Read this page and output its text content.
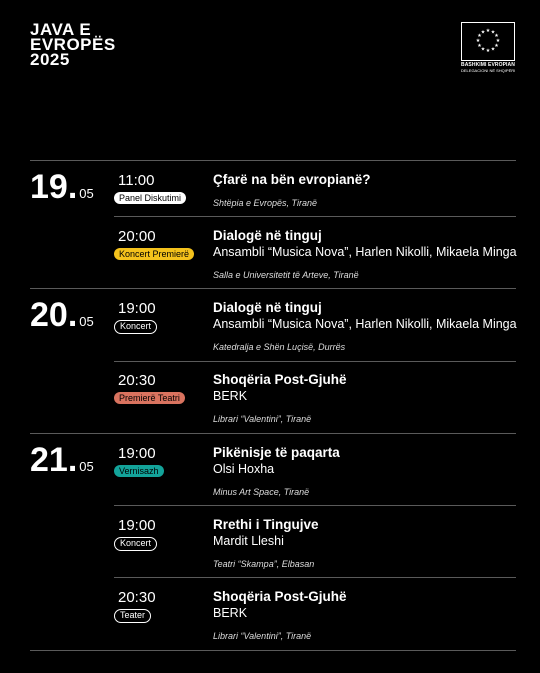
JAVA E
EVROPËS
2025
★ ★
★
★
★
★
★
★
★
★
★
★
BASHKIMI EVROPIAN
DELEGACIONI NË SHQIPËRI
19. 05
20. 05
21. 05
11:00
Panel Diskutimi
Çfarë na bën evropianë?
Shtëpia e Evropës, Tiranë
20:00
Koncert Premierë
Dialogë në tinguj
Ansambli “Musica Nova”, Harlen Nikolli, Mikaela Minga
Salla e Universitetit të Arteve, Tiranë
19:00
Koncert
Dialogë në tinguj
Ansambli “Musica Nova”, Harlen Nikolli, Mikaela Minga
Katedralja e Shën Luçisë, Durrës
20:30
Premierë Teatri
Shoqëria Post-Gjuhë
BERK
Librari “Valentini”, Tiranë
19:00
Vernisazh
Pikënisje të paqarta
Olsi Hoxha
Minus Art Space, Tiranë
19:00
Koncert
Rrethi i Tingujve
Mardit Lleshi
Teatri “Skampa”, Elbasan
20:30
Teater
Shoqëria Post-Gjuhë
BERK
Librari “Valentini”, Tiranë
